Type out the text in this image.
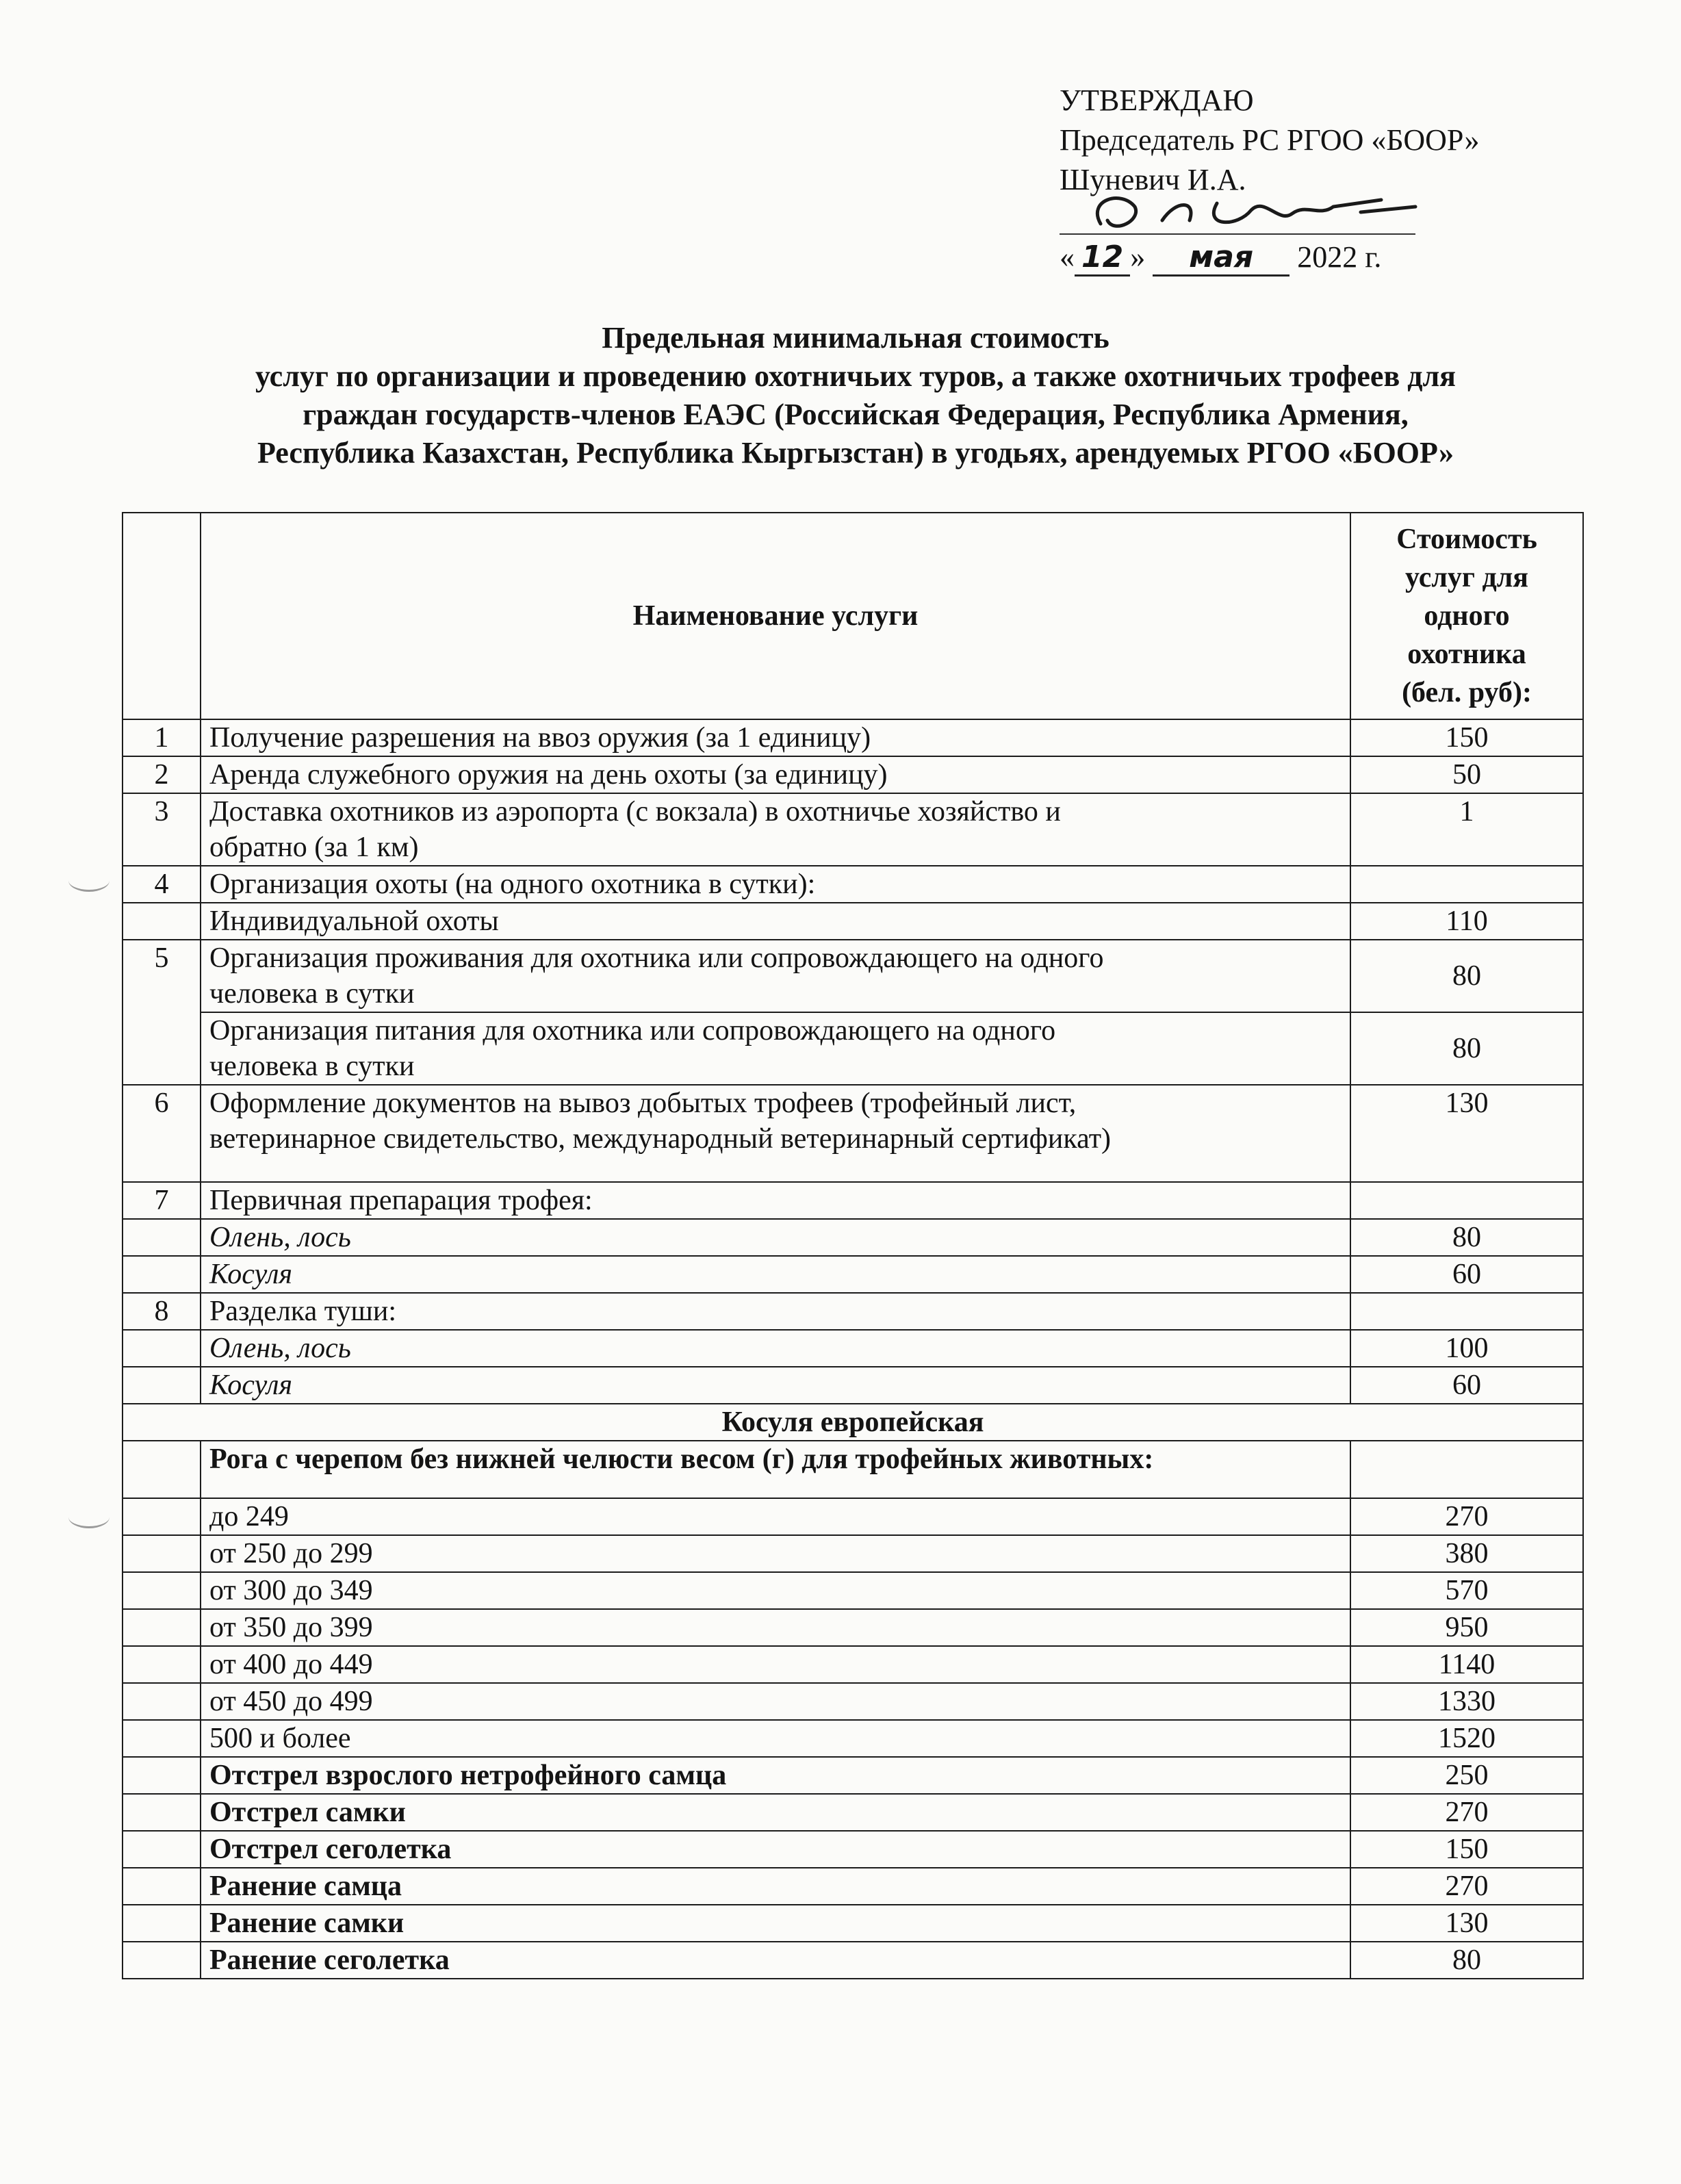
УТВЕРЖДАЮ
Председатель РС РГОО «БООР»
Шуневич И.А.
« 12 » мая 2022 г.
Предельная минимальная стоимость
услуг по организации и проведению охотничьих туров, а также охотничьих трофеев для
граждан государств-членов ЕАЭС (Российская Федерация, Республика Армения,
Республика Казахстан, Республика Кыргызстан) в угодьях, арендуемых РГОО «БООР»
	Наименование услуги	Стоимость
услуг для
одного
охотника
(бел. руб):

1	Получение разрешения на ввоз оружия (за 1 единицу)	150
2	Аренда служебного оружия на день охоты (за единицу)	50
3	Доставка охотников из аэропорта (с вокзала) в охотничье хозяйство и
обратно (за 1 км)	1
4	Организация охоты (на одного охотника в сутки):	
	Индивидуальной охоты	110
5	Организация проживания для охотника или сопровождающего на одного
человека в сутки	80

	Организация питания для охотника или сопровождающего на одного
человека в сутки	80
6	Оформление документов на вывоз добытых трофеев (трофейный лист,
ветеринарное свидетельство, международный ветеринарный сертификат)	130
7	Первичная препарация трофея:	
	Олень, лось	80
	Косуля	60
8	Разделка туши:	
	Олень, лось	100
	Косуля	60
Косуля европейская		
	Рога с черепом без нижней челюсти весом (г) для трофейных животных:	
	до 249	270
	от 250 до 299	380
	от 300 до 349	570
	от 350 до 399	950
	от 400 до 449	1140
	от 450 до 499	1330
	500 и более	1520
	Отстрел взрослого нетрофейного самца	250
	Отстрел самки	270
	Отстрел сеголетка	150
	Ранение самца	270
	Ранение самки	130
	Ранение сеголетка	80
